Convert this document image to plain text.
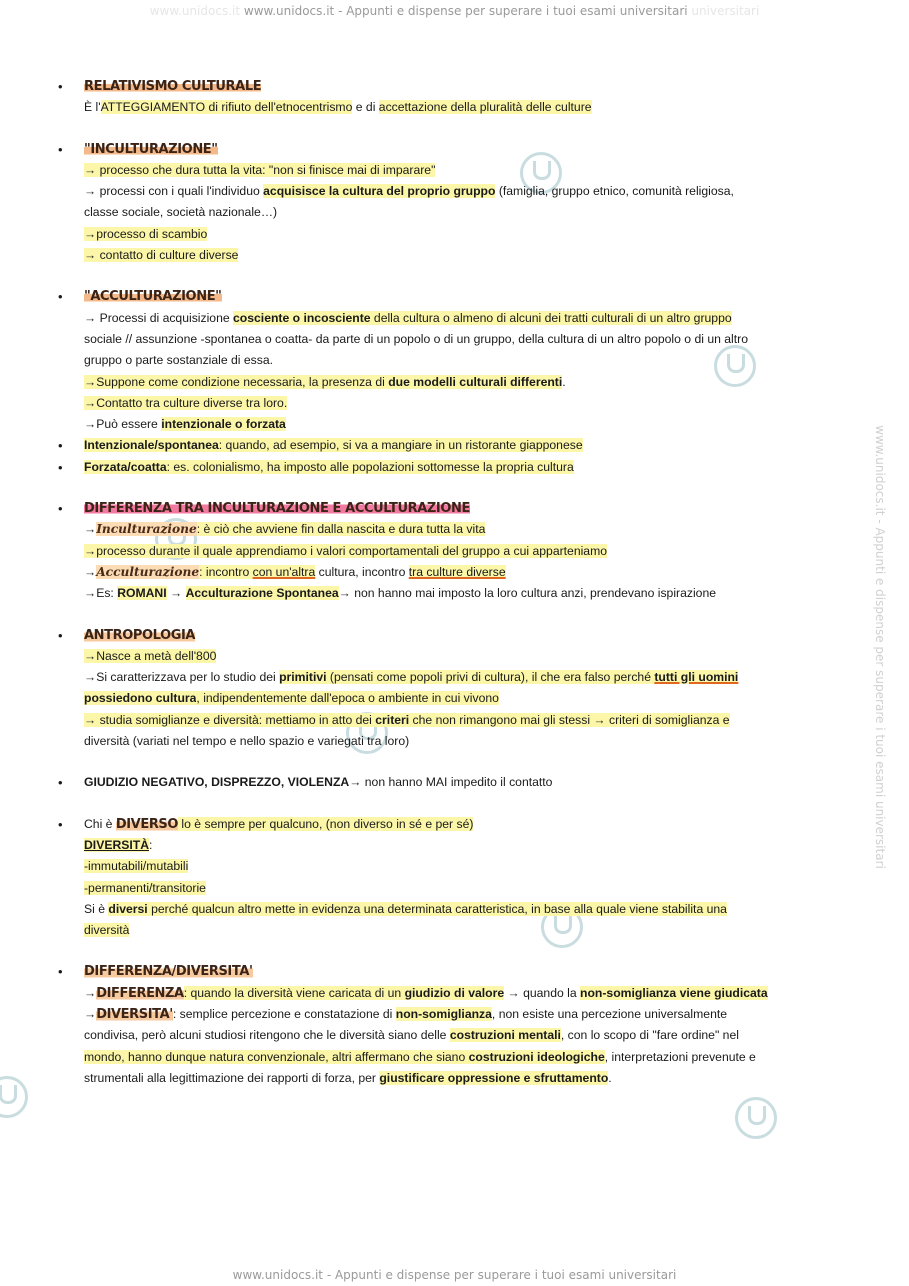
www.unidocs.it www.unidocs.it - Appunti e dispense per superare i tuoi esami universitari universitari
www.unidocs.it - Appunti e dispense per superare i tuoi esami universitari
www.unidocs.it - Appunti e dispense per superare i tuoi esami universitari
•
RELATIVISMO CULTURALE
È l'ATTEGGIAMENTO di rifiuto dell'etnocentrismo e di accettazione della pluralità delle culture
•
"INCULTURAZIONE"
→ processo che dura tutta la vita: "non si finisce mai di imparare"

→ processi con i quali l'individuo acquisisce la cultura del proprio gruppo (famiglia, gruppo etnico, comunità religiosa,
classe sociale, società nazionale…)
→processo di scambio
→ contatto di culture diverse
•
"ACCULTURAZIONE"
→ Processi di acquisizione cosciente o incosciente della cultura o almeno di alcuni dei tratti culturali di un altro gruppo
sociale // assunzione -spontanea o coatta- da parte di un popolo o di un gruppo, della cultura di un altro popolo o di un altro
gruppo o parte sostanziale di essa.
→Suppone come condizione necessaria, la presenza di due modelli culturali differenti.
→Contatto tra culture diverse tra loro.
→Può essere intenzionale o forzata
•
Intenzionale/spontanea: quando, ad esempio, si va a mangiare in un ristorante giapponese
•
Forzata/coatta: es. colonialismo, ha imposto alle popolazioni sottomesse la propria cultura
•
DIFFERENZA TRA INCULTURAZIONE E ACCULTURAZIONE
→Inculturazione: è ciò che avviene fin dalla nascita e dura tutta la vita
→processo durante il quale apprendiamo i valori comportamentali del gruppo a cui apparteniamo
→Acculturazione: incontro con un'altra cultura, incontro tra culture diverse
→Es: ROMANI → Acculturazione Spontanea→ non hanno mai imposto la loro cultura anzi, prendevano ispirazione
•
ANTROPOLOGIA
→Nasce a metà dell'800
→Si caratterizzava per lo studio dei primitivi (pensati come popoli privi di cultura), il che era falso perché tutti gli uomini
possiedono cultura, indipendentemente dall'epoca o ambiente in cui vivono
→ studia somiglianze e diversità: mettiamo in atto dei criteri che non rimangono mai gli stessi → criteri di somiglianza e
diversità (variati nel tempo e nello spazio e variegati tra loro)
•
GIUDIZIO NEGATIVO, DISPREZZO, VIOLENZA→ non hanno MAI impedito il contatto
•
Chi è DIVERSO lo è sempre per qualcuno, (non diverso in sé e per sé)
DIVERSITÀ:
-immutabili/mutabili
-permanenti/transitorie
Si è diversi perché qualcun altro mette in evidenza una determinata caratteristica, in base alla quale viene stabilita una
diversità
•
DIFFERENZA/DIVERSITA'
→DIFFERENZA: quando la diversità viene caricata di un giudizio di valore → quando la non-somiglianza viene giudicata
→DIVERSITA': semplice percezione e constatazione di non-somiglianza, non esiste una percezione universalmente
condivisa, però alcuni studiosi ritengono che le diversità siano delle costruzioni mentali, con lo scopo di "fare ordine" nel
mondo, hanno dunque natura convenzionale, altri affermano che siano costruzioni ideologiche, interpretazioni prevenute e
strumentali alla legittimazione dei rapporti di forza, per giustificare oppressione e sfruttamento.
